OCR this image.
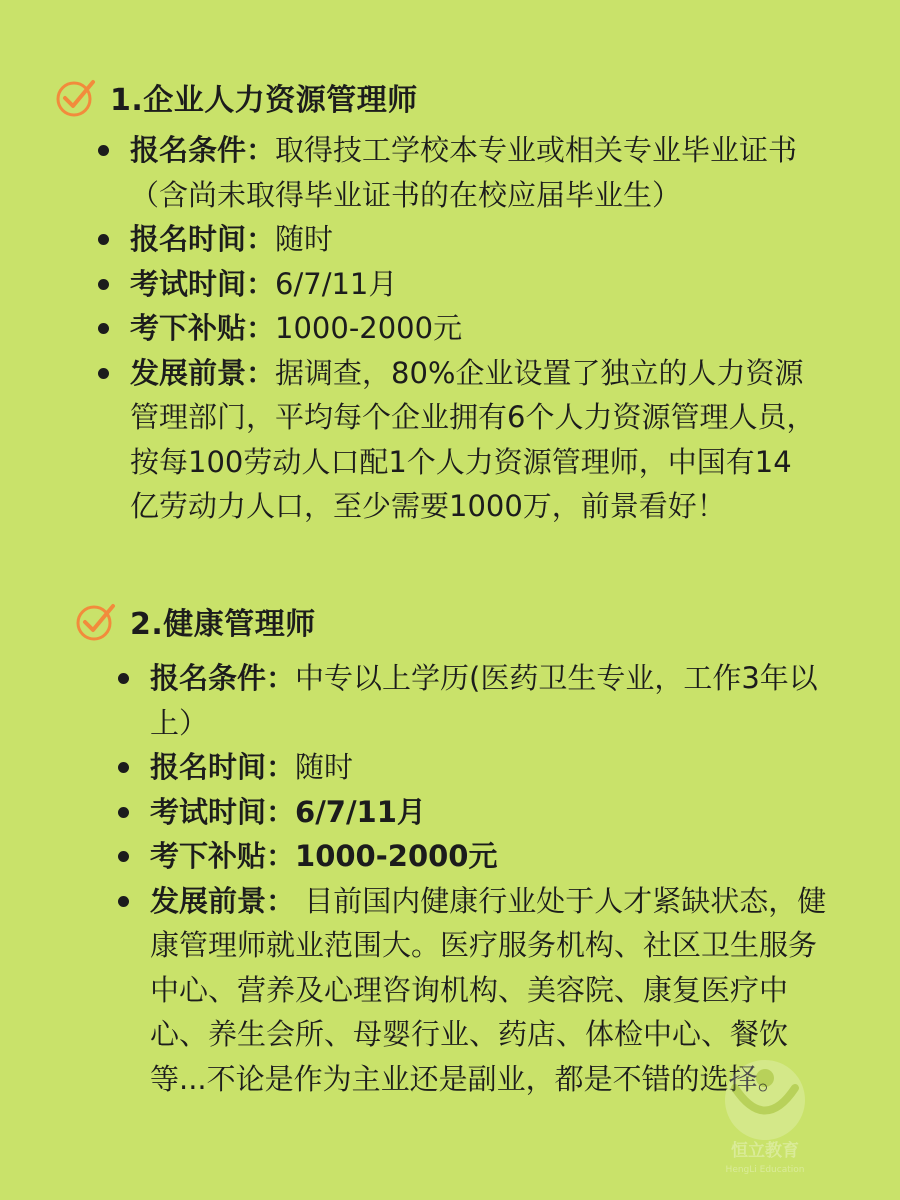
1.企业人力资源管理师
报名条件：取得技工学校本专业或相关专业毕业证书（含尚未取得毕业证书的在校应届毕业生）
报名时间：随时
考试时间：6/7/11月
考下补贴：1000-2000元
发展前景：据调查，80%企业设置了独立的人力资源管理部门，平均每个企业拥有6个人力资源管理人员，按每100劳动人口配1个人力资源管理师，中国有14亿劳动力人口，至少需要1000万，前景看好！
2.健康管理师
报名条件：中专以上学历(医药卫生专业，工作3年以上）
报名时间：随时
考试时间：6/7/11月
考下补贴：1000-2000元
发展前景： 目前国内健康行业处于人才紧缺状态，健康管理师就业范围大。医疗服务机构、社区卫生服务中心、营养及心理咨询机构、美容院、康复医疗中心、养生会所、母婴行业、药店、体检中心、餐饮等...不论是作为主业还是副业，都是不错的选择。
恒立教育
HengLi Education
